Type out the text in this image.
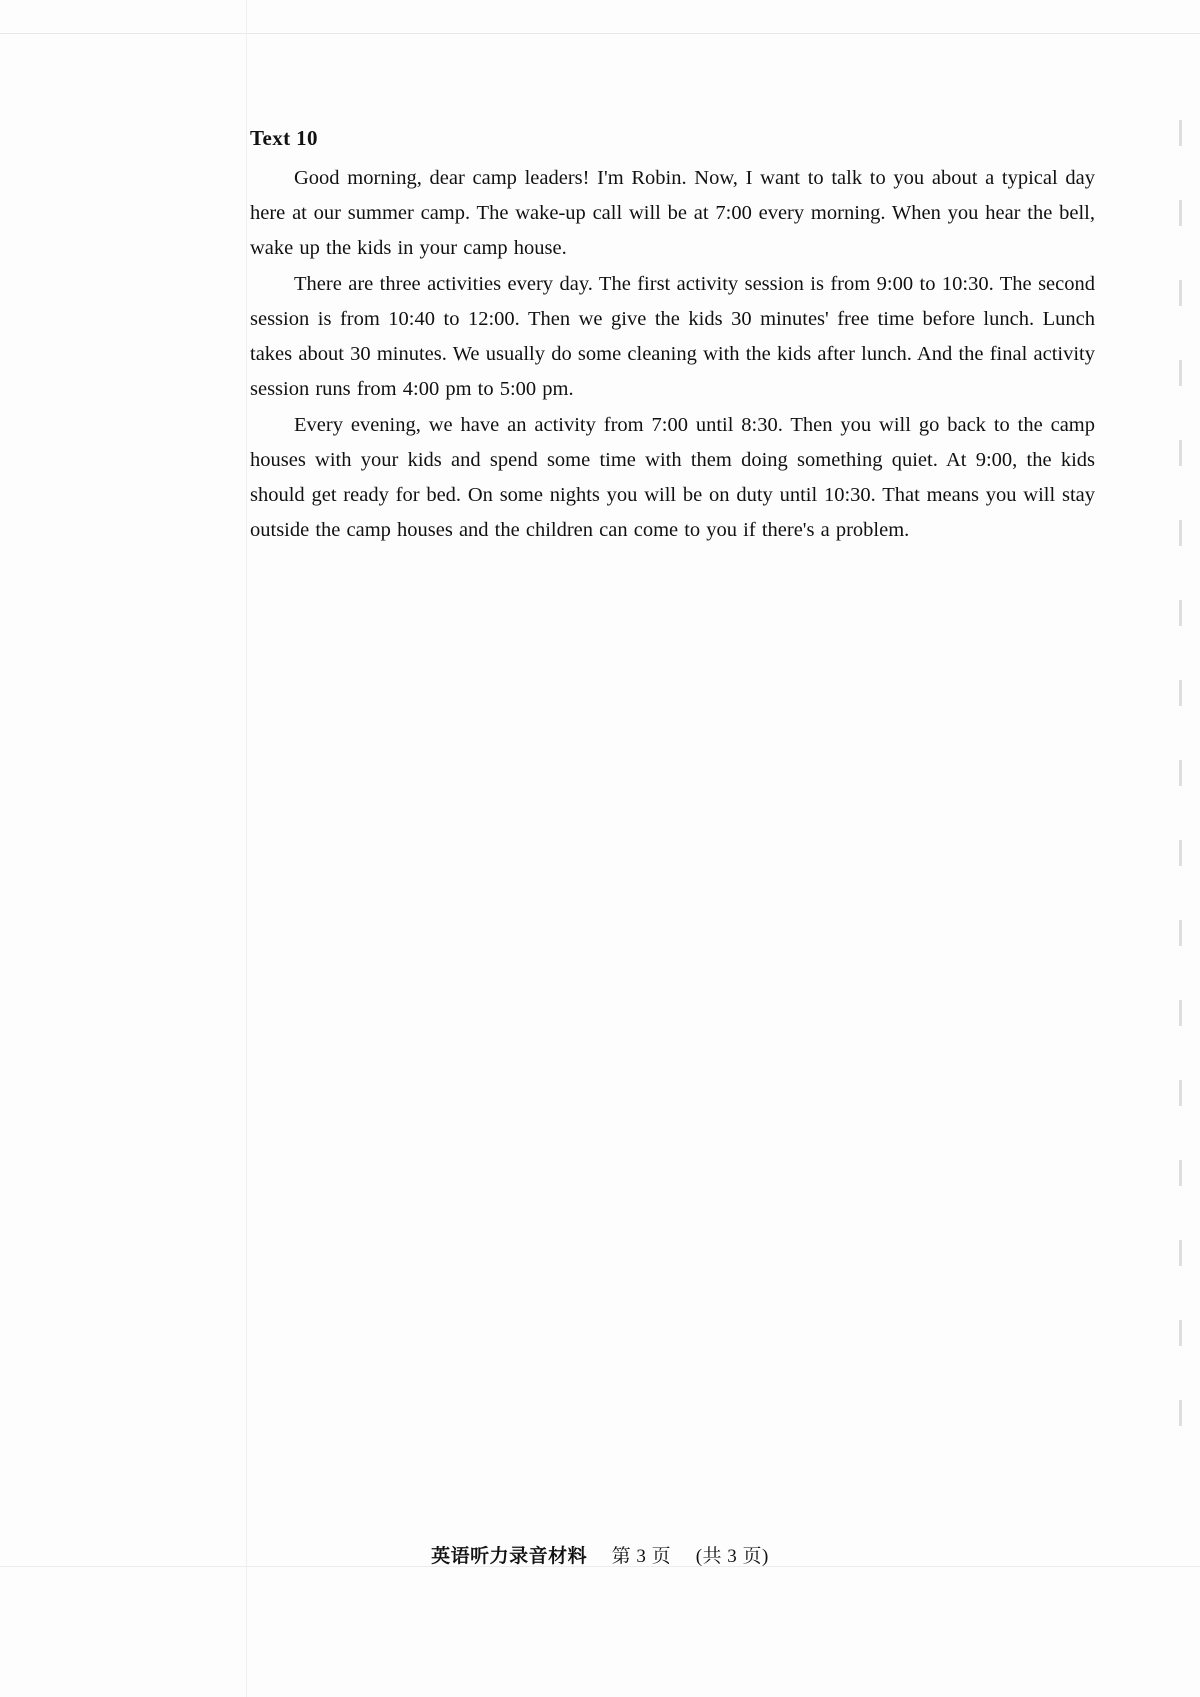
Text 10

Good morning, dear camp leaders! I'm Robin. Now, I want to talk to you about a typical day here at our summer camp. The wake-up call will be at 7:00 every morning. When you hear the bell, wake up the kids in your camp house.

There are three activities every day. The first activity session is from 9:00 to 10:30. The second session is from 10:40 to 12:00. Then we give the kids 30 minutes' free time before lunch. Lunch takes about 30 minutes. We usually do some cleaning with the kids after lunch. And the final activity session runs from 4:00 pm to 5:00 pm.

Every evening, we have an activity from 7:00 until 8:30. Then you will go back to the camp houses with your kids and spend some time with them doing something quiet. At 9:00, the kids should get ready for bed. On some nights you will be on duty until 10:30. That means you will stay outside the camp houses and the children can come to you if there's a problem.

英语听力录音材料 第 3 页 (共 3 页)
